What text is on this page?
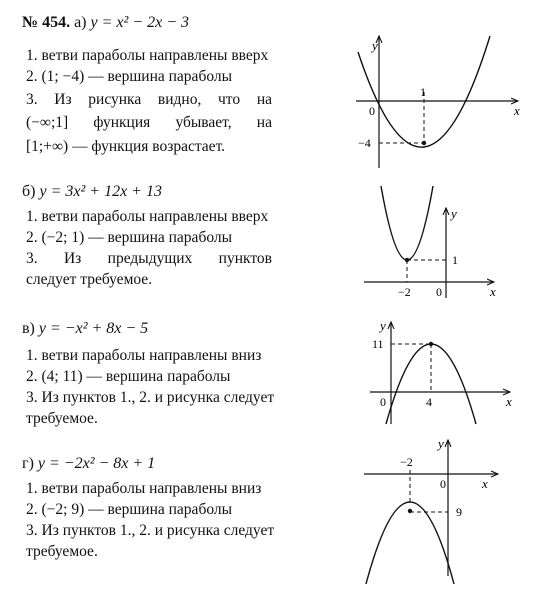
№ 454. а) y = x² − 2x − 3
1. ветви параболы направлены вверх
2. (1; −4) — вершина параболы
3. Из рисунка видно, что на
(−∞;1] функция убывает, на
[1;+∞) — функция возрастает.
y
x
0
1
−4
б) y = 3x² + 12x + 13
1. ветви параболы направлены вверх
2. (−2; 1) — вершина параболы
3. Из предыдущих пунктов
следует требуемое.
y
x
−2 0
1
в) y = −x² + 8x − 5
1. ветви параболы направлены вниз
2. (4; 11) — вершина параболы
3. Из пунктов 1., 2. и рисунка следует
требуемое.
y
x
11
0	4
г) y = −2x² − 8x + 1
1. ветви параболы направлены вниз
2. (−2; 9) — вершина параболы
3. Из пунктов 1., 2. и рисунка следует
требуемое.
y
x
−2
0
9
